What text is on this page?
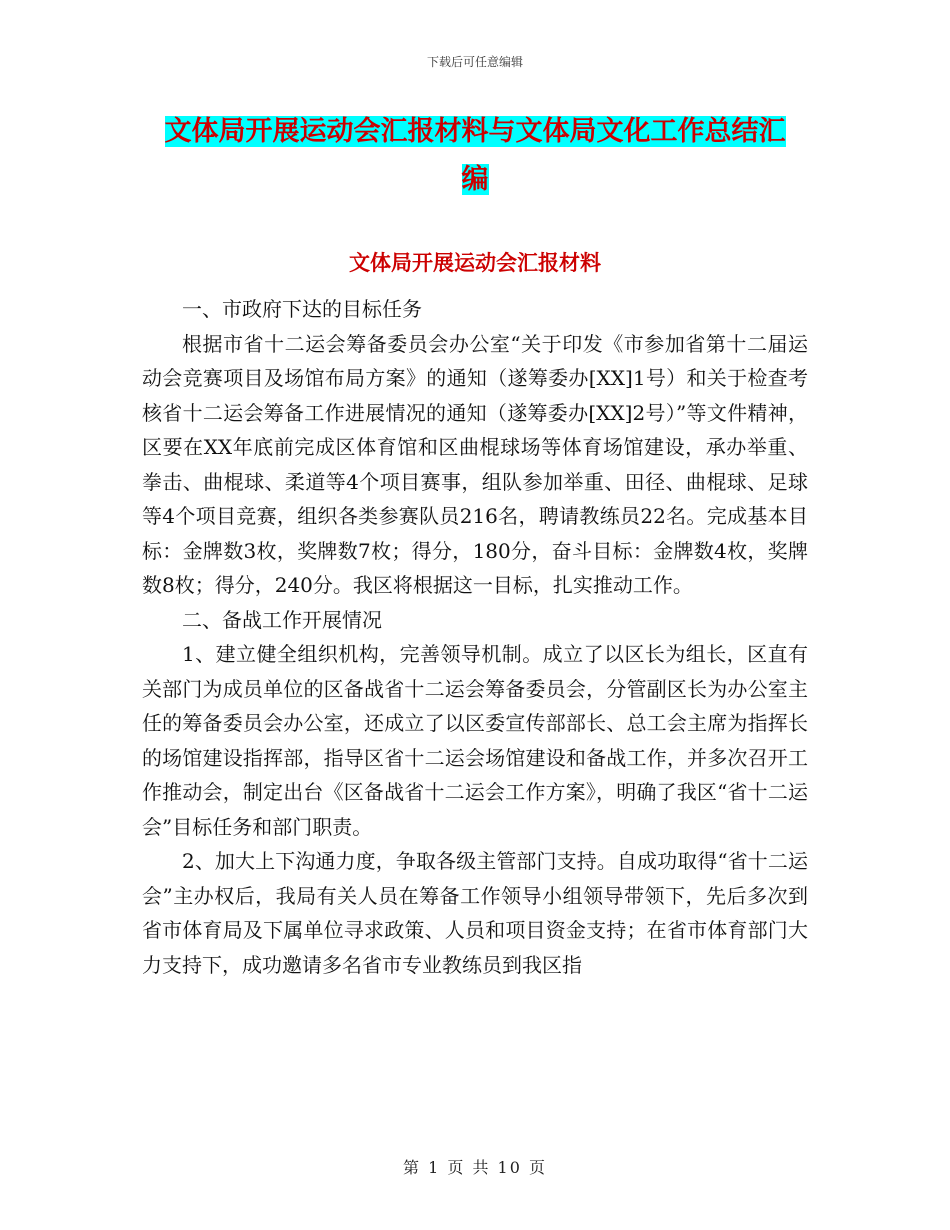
下载后可任意编辑
文体局开展运动会汇报材料与文体局文化工作总结汇
编
文体局开展运动会汇报材料

一、市政府下达的目标任务

根据市省十二运会筹备委员会办公室“关于印发《市参加省第十二届运动会竞赛项目及场馆布局方案》的通知（遂筹委办[XX]1号）和关于检查考核省十二运会筹备工作进展情况的通知（遂筹委办[XX]2号）”等文件精神，区要在XX年底前完成区体育馆和区曲棍球场等体育场馆建设，承办举重、拳击、曲棍球、柔道等4个项目赛事，组队参加举重、田径、曲棍球、足球等4个项目竞赛，组织各类参赛队员216名，聘请教练员22名。完成基本目标：金牌数3枚，奖牌数7枚；得分，180分，奋斗目标：金牌数4枚，奖牌数8枚；得分，240分。我区将根据这一目标，扎实推动工作。

二、备战工作开展情况

1、建立健全组织机构，完善领导机制。成立了以区长为组长，区直有关部门为成员单位的区备战省十二运会筹备委员会，分管副区长为办公室主任的筹备委员会办公室，还成立了以区委宣传部部长、总工会主席为指挥长的场馆建设指挥部，指导区省十二运会场馆建设和备战工作，并多次召开工作推动会，制定出台《区备战省十二运会工作方案》，明确了我区“省十二运会”目标任务和部门职责。

2、加大上下沟通力度，争取各级主管部门支持。自成功取得“省十二运会”主办权后，我局有关人员在筹备工作领导小组领导带领下，先后多次到省市体育局及下属单位寻求政策、人员和项目资金支持；在省市体育部门大力支持下，成功邀请多名省市专业教练员到我区指

第 1 页 共 10 页
